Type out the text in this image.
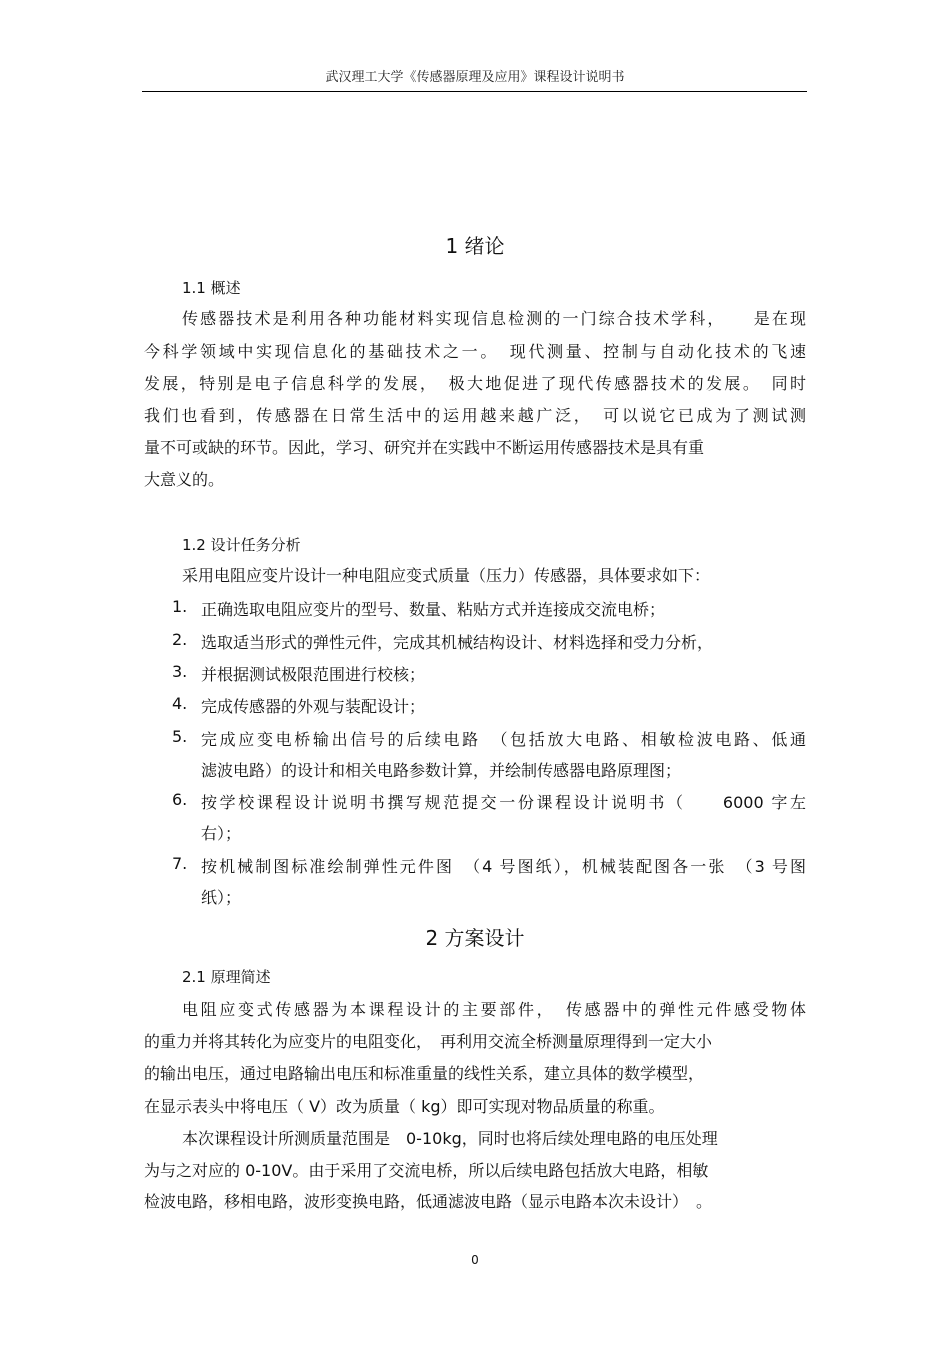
武汉理工大学《传感器原理及应用》课程设计说明书
1 绪论
1.1 概述
传感器技术是利用各种功能材料实现信息检测的一门综合技术学科，　　是在现
今科学领域中实现信息化的基础技术之一。　现代测量、控制与自动化技术的飞速
发展，特别是电子信息科学的发展，　极大地促进了现代传感器技术的发展。　同时
我们也看到，传感器在日常生活中的运用越来越广泛，　可以说它已成为了测试测
量不可或缺的环节。因此，学习、研究并在实践中不断运用传感器技术是具有重
大意义的。
1.2 设计任务分析
采用电阻应变片设计一种电阻应变式质量（压力）传感器，具体要求如下：
1. 正确选取电阻应变片的型号、数量、粘贴方式并连接成交流电桥；
2. 选取适当形式的弹性元件，完成其机械结构设计、材料选择和受力分析，
3. 并根据测试极限范围进行校核；
4. 完成传感器的外观与装配设计；
5. 完成应变电桥输出信号的后续电路　（包括放大电路、相敏检波电路、低通
滤波电路）的设计和相关电路参数计算，并绘制传感器电路原理图；
6. 按学校课程设计说明书撰写规范提交一份课程设计说明书（　　6000 字左
右）；
7. 按机械制图标准绘制弹性元件图　（4 号图纸），机械装配图各一张　（3 号图
纸）；
2 方案设计
2.1 原理简述
电阻应变式传感器为本课程设计的主要部件，　传感器中的弹性元件感受物体
的重力并将其转化为应变片的电阻变化，　再利用交流全桥测量原理得到一定大小
的输出电压，通过电路输出电压和标准重量的线性关系，建立具体的数学模型，
在显示表头中将电压（ V）改为质量（ kg）即可实现对物品质量的称重。
本次课程设计所测质量范围是　0-10kg，同时也将后续处理电路的电压处理
为与之对应的 0-10V。由于采用了交流电桥，所以后续电路包括放大电路，相敏
检波电路，移相电路，波形变换电路，低通滤波电路（显示电路本次未设计）　。
0
